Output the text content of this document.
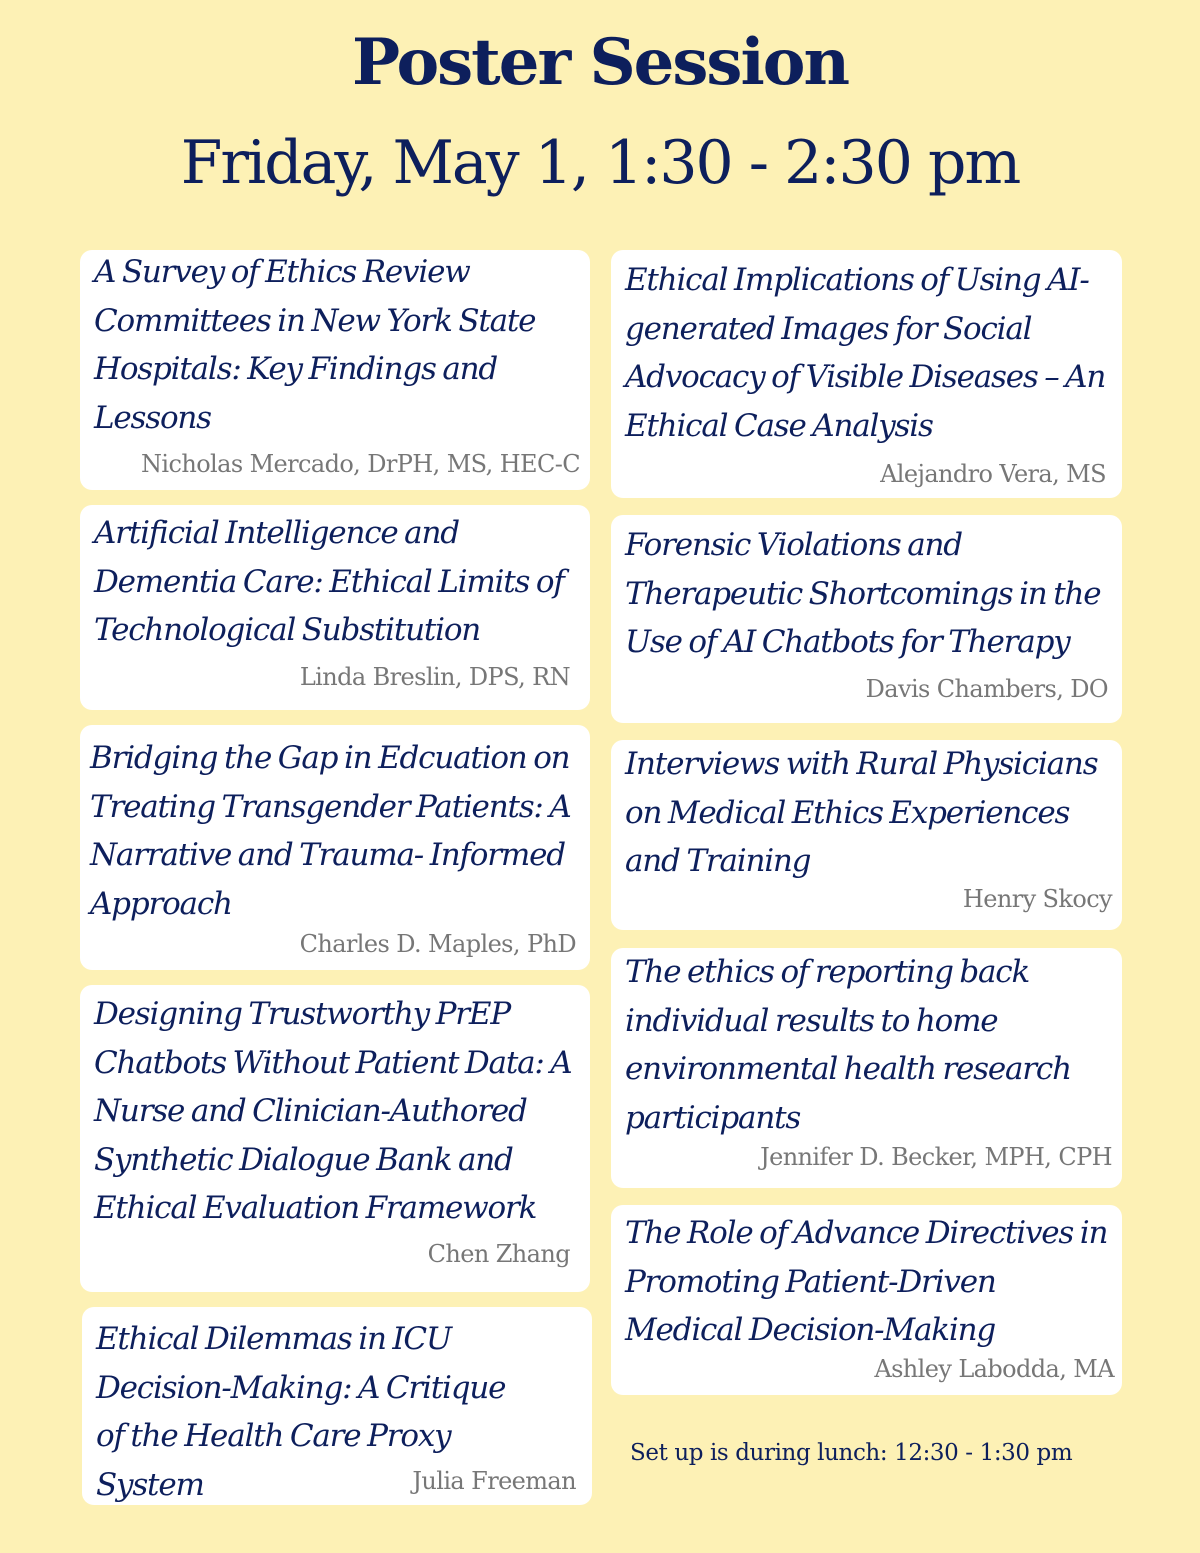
Poster Session
Friday, May 1, 1:30 - 2:30 pm
A Survey of Ethics Review Committees in New York State Hospitals: Key Findings and Lessons
Nicholas Mercado, DrPH, MS, HEC-C
Artificial Intelligence and Dementia Care: Ethical Limits of Technological Substitution
Linda Breslin, DPS, RN
Bridging the Gap in Edcuation on Treating Transgender Patients: A Narrative and Trauma- Informed Approach
Charles D. Maples, PhD
Designing Trustworthy PrEP Chatbots Without Patient Data: A Nurse and Clinician-Authored Synthetic Dialogue Bank and Ethical Evaluation Framework
Chen Zhang
Ethical Dilemmas in ICU Decision-Making: A Critique of the Health Care Proxy System	Julia Freeman
Ethical Implications of Using AI-generated Images for Social Advocacy of Visible Diseases – An Ethical Case Analysis
Alejandro Vera, MS
Forensic Violations and Therapeutic Shortcomings in the Use of AI Chatbots for Therapy
Davis Chambers, DO
Interviews with Rural Physicians on Medical Ethics Experiences and Training
Henry Skocy
The ethics of reporting back individual results to home environmental health research participants
Jennifer D. Becker, MPH, CPH
The Role of Advance Directives in Promoting Patient-Driven Medical Decision-Making
Ashley Labodda, MA
Set up is during lunch: 12:30 - 1:30 pm
